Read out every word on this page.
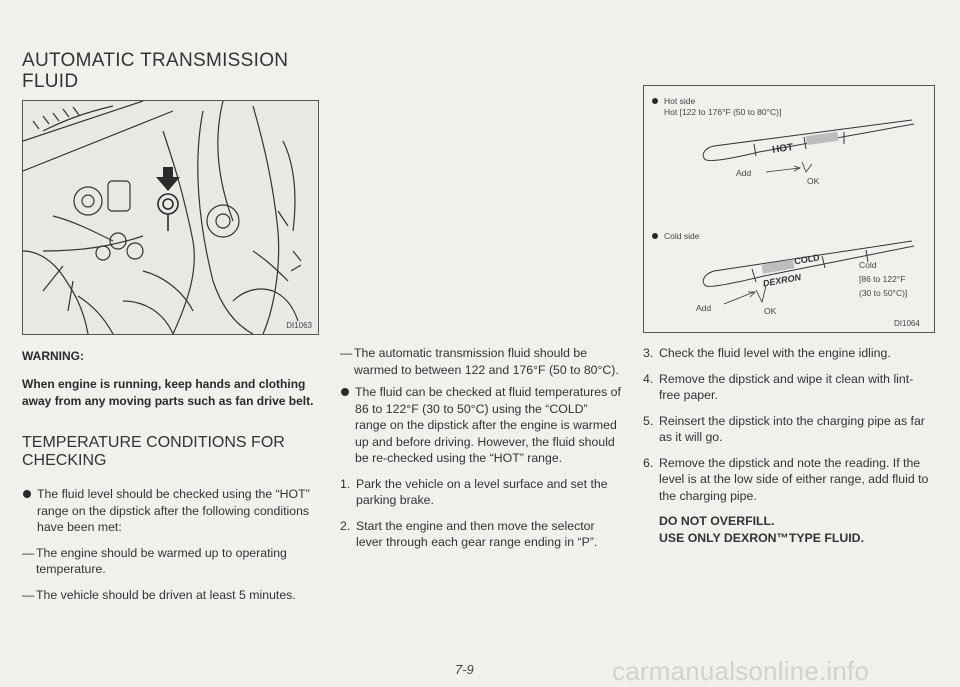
AUTOMATIC TRANSMISSION
FLUID
DI1063
WARNING:
When engine is running, keep hands and clothing away from any moving parts such as fan drive belt.
TEMPERATURE CONDITIONS FOR CHECKING

The fluid level should be checked using the “HOT” range on the dipstick after the following conditions have been met:

— The engine should be warmed up to operating temperature.

— The vehicle should be driven at least 5 minutes.

— The automatic transmission fluid should be warmed to between 122 and 176°F (50 to 80°C).

The fluid can be checked at fluid temperatures of 86 to 122°F (30 to 50°C) using the “COLD” range on the dipstick after the engine is warmed up and before driving. However, the fluid should be re-checked using the “HOT” range.

1. Park the vehicle on a level surface and set the parking brake.

2. Start the engine and then move the selector lever through each gear range ending in “P”.

Hot side
Hot [122 to 176°F (50 to 80°C)]
HOT
Add
OK
Cold side
COLD
DEXRON
Add	OK
Cold
[86 to 122°F
(30 to 50°C)]
DI1064
3. Check the fluid level with the engine idling.

4. Remove the dipstick and wipe it clean with lint-free paper.

5. Reinsert the dipstick into the charging pipe as far as it will go.

6. Remove the dipstick and note the reading. If the level is at the low side of either range, add fluid to the charging pipe.

DO NOT OVERFILL.

USE ONLY DEXRON™TYPE FLUID.

7-9	carmanualsonline.info
